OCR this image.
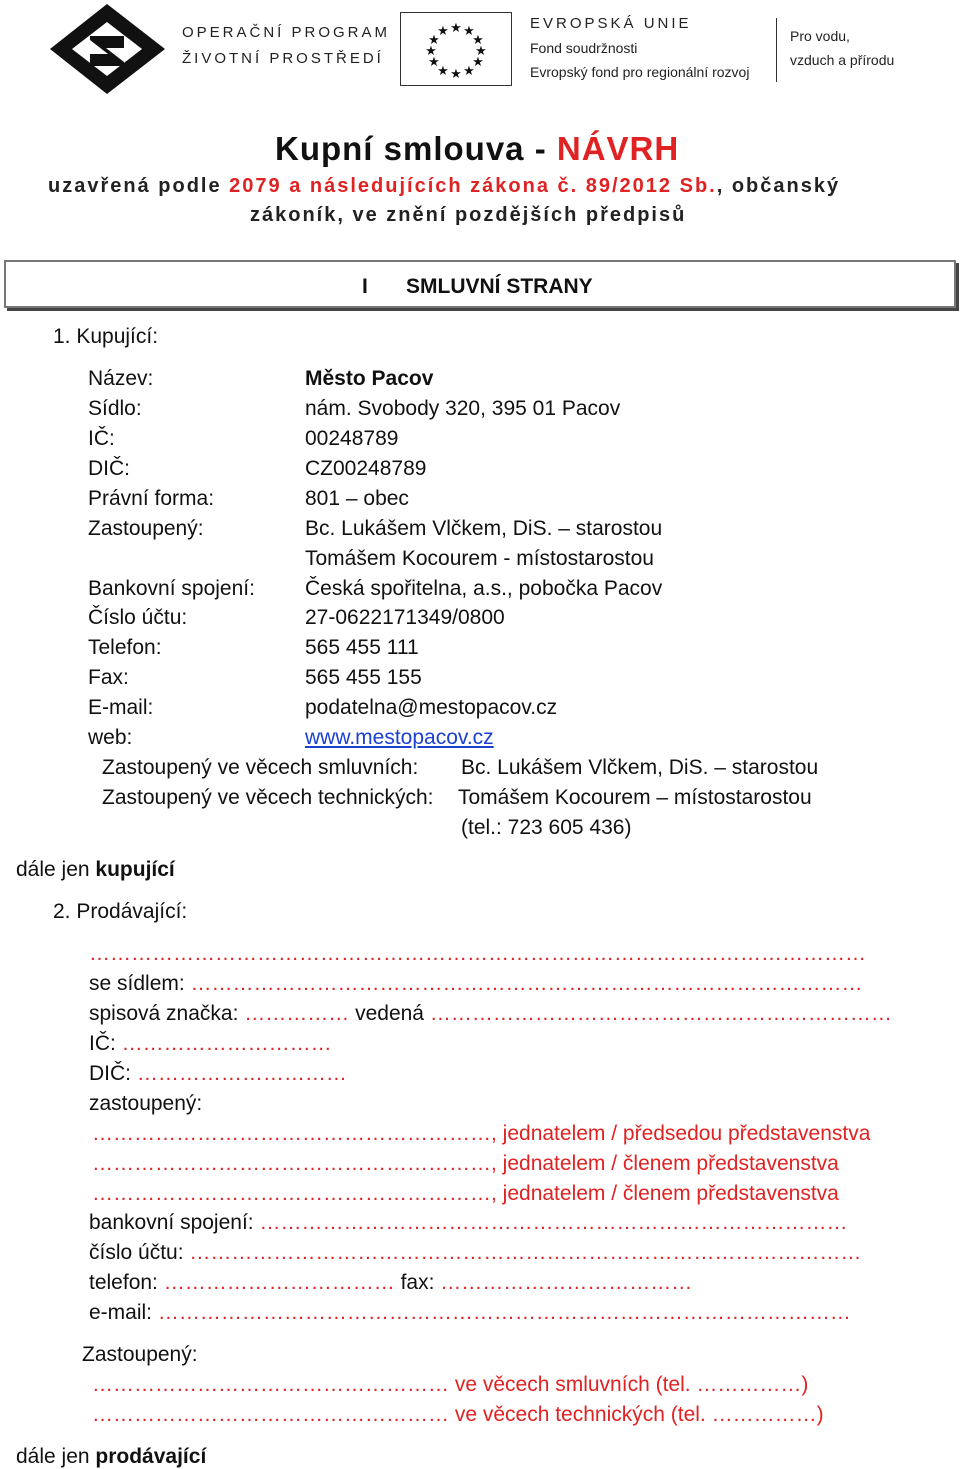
OPERAČNÍ PROGRAM
ŽIVOTNÍ PROSTŘEDÍ
★ ★
★
★
★
★
★
★
★
★
★
★	EVROPSKÁ UNIE
Fond soudržnosti
Evropský fond pro regionální rozvoj
Pro vodu,
vzduch a přírodu
Kupní smlouva - NÁVRH
uzavřená podle 2079 a následujících zákona č. 89/2012 Sb., občanský
zákoník, ve znění pozdějších předpisů
I SMLUVNÍ STRANY
1. Kupující:
Název:	Město Pacov
Sídlo:	nám. Svobody 320, 395 01 Pacov
IČ:	00248789
DIČ:	CZ00248789
Právní forma:	801 – obec
Zastoupený:	Bc. Lukášem Vlčkem, DiS. – starostou
Tomášem Kocourem - místostarostou
Bankovní spojení: Česká spořitelna, a.s., pobočka Pacov
Číslo účtu:	27-0622171349/0800
Telefon:	565 455 111
Fax:	565 455 155
E-mail:	podatelna@mestopacov.cz
web:	www.mestopacov.cz
Zastoupený ve věcech smluvních: Bc. Lukášem Vlčkem, DiS. – starostou
Zastoupený ve věcech technických: Tomášem Kocourem – místostarostou
(tel.: 723 605 436)
dále jen kupující
2. Prodávající:
…………………………………………………………………………………………………
se sídlem: ……………………………………………………………………………………
spisová značka: …………… vedená …………………………………………………………
IČ: …………………………
DIČ: …………………………
zastoupený:
…………………………………………………, jednatelem / předsedou představenstva
…………………………………………………, jednatelem / členem představenstva
…………………………………………………, jednatelem / členem představenstva
bankovní spojení: …………………………………………………………………………
číslo účtu: ……………………………………………………………………………………
telefon: …………………………… fax: ………………………………
e-mail: ………………………………………………………………………………………
Zastoupený:
…………………………………………… ve věcech smluvních (tel. ……………)
…………………………………………… ve věcech technických (tel. ……………)
dále jen prodávající
